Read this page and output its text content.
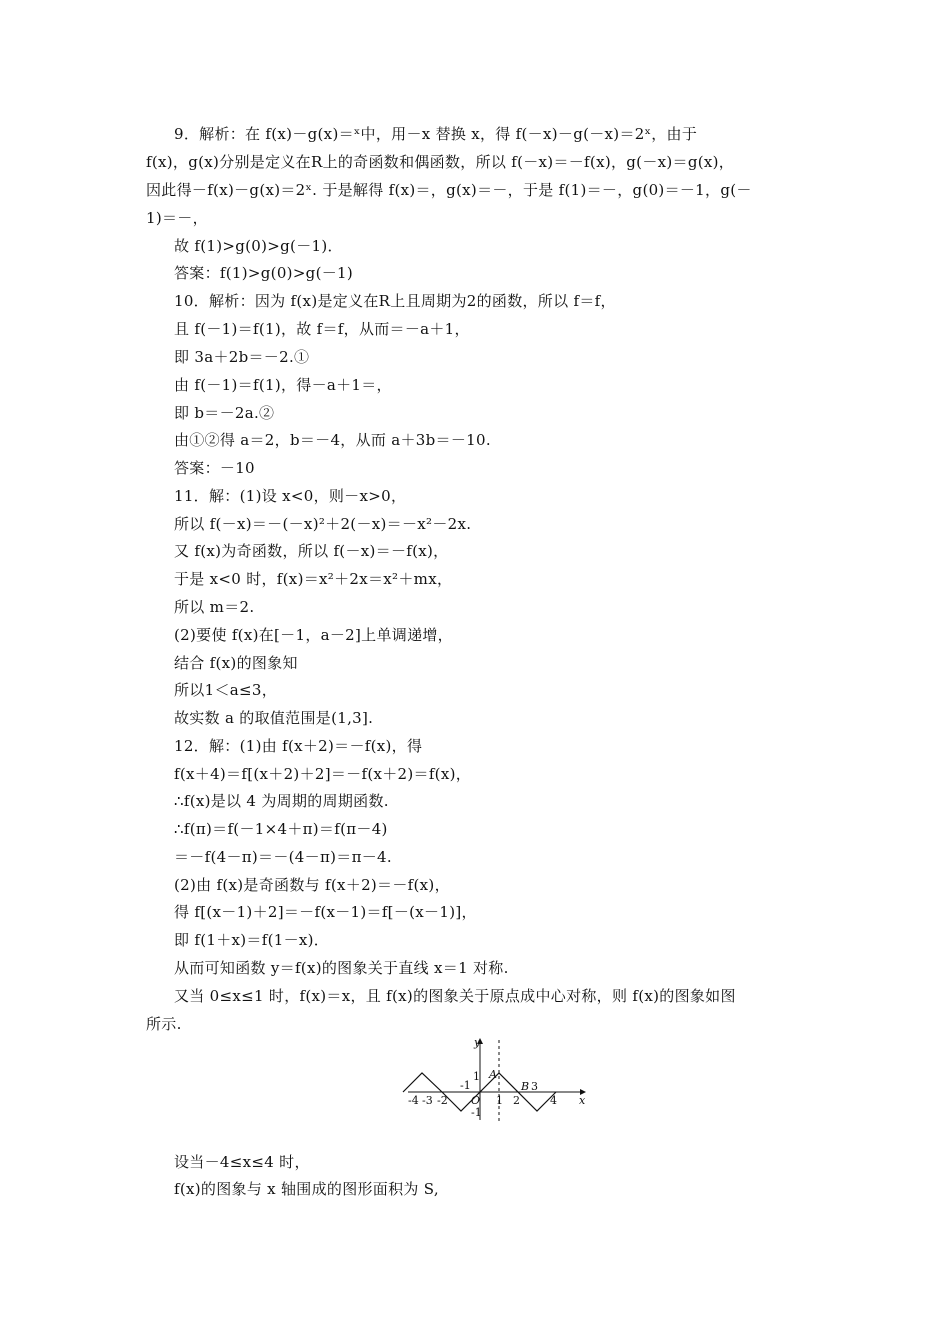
9．解析：在 f(x)－g(x)＝ˣ中，用－x 替换 x，得 f(－x)－g(－x)＝2ˣ，由于
f(x)，g(x)分别是定义在R上的奇函数和偶函数，所以 f(－x)＝－f(x)，g(－x)＝g(x)，
因此得－f(x)－g(x)＝2ˣ. 于是解得 f(x)＝，g(x)＝－，于是 f(1)＝－，g(0)＝－1，g(－
1)＝－，
故 f(1)>g(0)>g(－1)．
答案：f(1)>g(0)>g(－1)
10．解析：因为 f(x)是定义在R上且周期为2的函数，所以 f＝f，
且 f(－1)＝f(1)，故 f＝f，从而＝－a＋1，
即 3a＋2b＝－2.①
由 f(－1)＝f(1)，得－a＋1＝，
即 b＝－2a.②
由①②得 a＝2，b＝－4，从而 a＋3b＝－10.
答案：－10
11．解：(1)设 x<0，则－x>0，
所以 f(－x)＝－(－x)²＋2(－x)＝－x²－2x.
又 f(x)为奇函数，所以 f(－x)＝－f(x)，
于是 x<0 时，f(x)＝x²＋2x＝x²＋mx，
所以 m＝2.
(2)要使 f(x)在[－1，a－2]上单调递增，
结合 f(x)的图象知
所以1＜a≤3，
故实数 a 的取值范围是(1,3].
12．解：(1)由 f(x＋2)＝－f(x)，得
f(x＋4)＝f[(x＋2)＋2]＝－f(x＋2)＝f(x)，
∴f(x)是以 4 为周期的周期函数.
∴f(π)＝f(－1×4＋π)＝f(π－4)
＝－f(4－π)＝－(4－π)＝π－4.
(2)由 f(x)是奇函数与 f(x＋2)＝－f(x)，
得 f[(x－1)＋2]＝－f(x－1)＝f[－(x－1)]，
即 f(1＋x)＝f(1－x)．
从而可知函数 y＝f(x)的图象关于直线 x＝1 对称.
又当 0≤x≤1 时，f(x)＝x，且 f(x)的图象关于原点成中心对称，则 f(x)的图象如图
所示.
y
x
O
A
B
-4 -3 -2
-1
1 2
3
4
1
-1
设当－4≤x≤4 时，
f(x)的图象与 x 轴围成的图形面积为 S,
